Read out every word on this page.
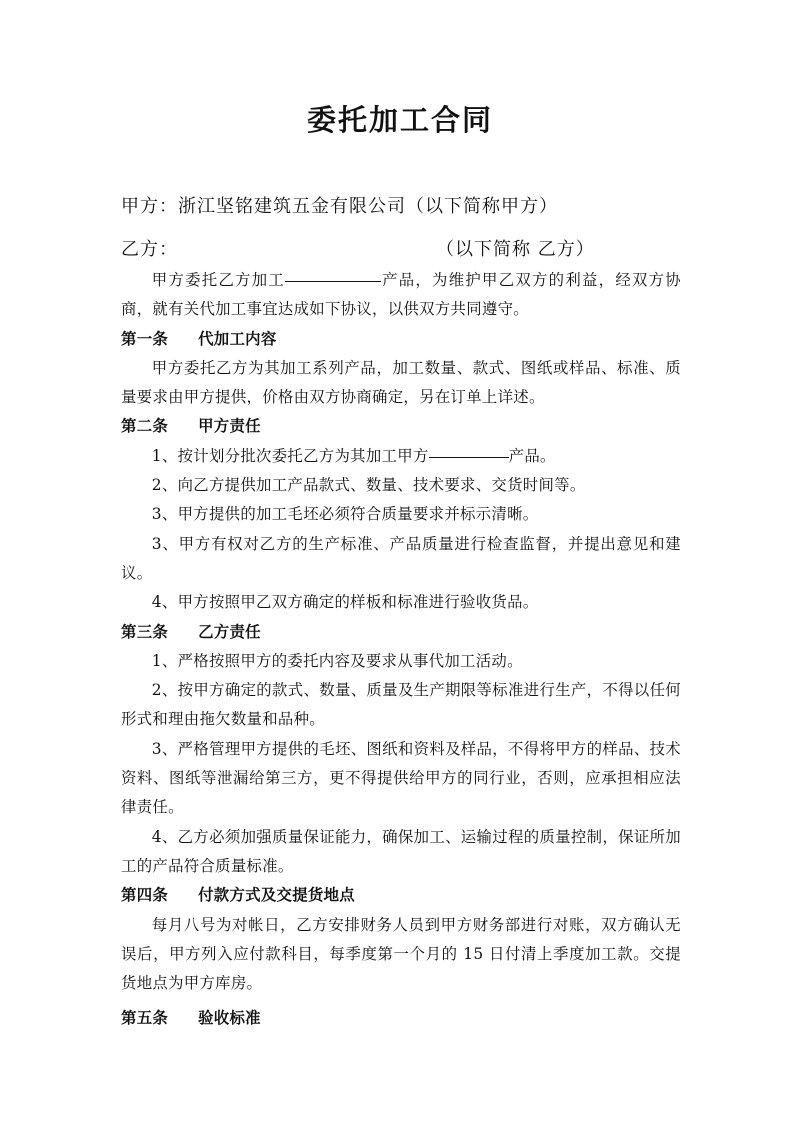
委托加工合同
甲方：浙江坚铭建筑五金有限公司（以下简称甲方）
乙方：	（以下简称 乙方）

甲方委托乙方加工	产品，为维护甲乙双方的利益，经双方协商，就有关代加工事宜达成如下协议，以供双方共同遵守。

第一条 代加工内容

甲方委托乙方为其加工系列产品，加工数量、款式、图纸或样品、标准、质量要求由甲方提供，价格由双方协商确定，另在订单上详述。

第二条 甲方责任

1、按计划分批次委托乙方为其加工甲方	产品。

2、向乙方提供加工产品款式、数量、技术要求、交货时间等。

3、甲方提供的加工毛坯必须符合质量要求并标示清晰。

3、甲方有权对乙方的生产标准、产品质量进行检查监督，并提出意见和建议。

4、甲方按照甲乙双方确定的样板和标准进行验收货品。

第三条 乙方责任

1、严格按照甲方的委托内容及要求从事代加工活动。

2、按甲方确定的款式、数量、质量及生产期限等标准进行生产，不得以任何形式和理由拖欠数量和品种。

3、严格管理甲方提供的毛坯、图纸和资料及样品，不得将甲方的样品、技术资料、图纸等泄漏给第三方，更不得提供给甲方的同行业，否则，应承担相应法律责任。

4、乙方必须加强质量保证能力，确保加工、运输过程的质量控制，保证所加工的产品符合质量标准。

第四条 付款方式及交提货地点

每月八号为对帐日，乙方安排财务人员到甲方财务部进行对账，双方确认无误后，甲方列入应付款科目，每季度第一个月的 15 日付清上季度加工款。交提货地点为甲方库房。

第五条 验收标准
